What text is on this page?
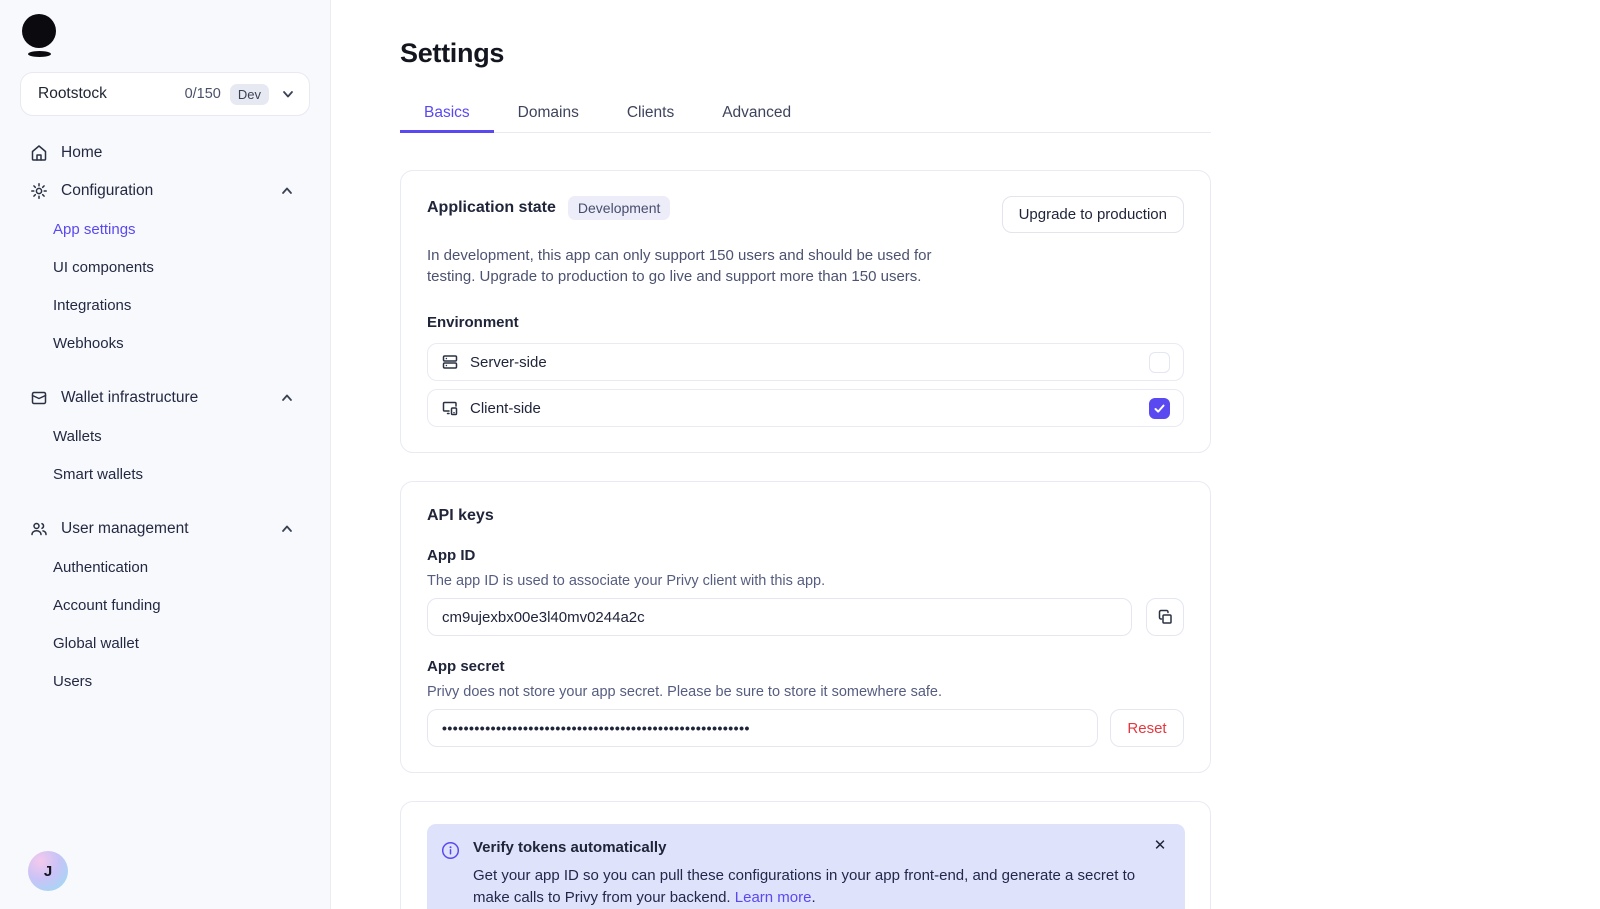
Rootstock	0/150	Dev
Home
Configuration
App settings
UI components
Integrations
Webhooks
Wallet infrastructure
Wallets
Smart wallets
User management
Authentication
Account funding
Global wallet
Users
J
Settings
Basics	Domains	Clients	Advanced
Application state	Development	Upgrade to production

In development, this app can only support 150 users and should be used for testing. Upgrade to production to go live and support more than 150 users.

Environment
Server-side
Client-side
API keys
App ID
The app ID is used to associate your Privy client with this app.
cm9ujexbx00e3l40mv0244a2c
App secret
Privy does not store your app secret. Please be sure to store it somewhere safe.
•••••••••••••••••••••••••••••••••••••••••••••••••••••••••
Reset
Verify tokens automatically
Get your app ID so you can pull these configurations in your app front-end, and generate a secret to make calls to Privy from your backend. Learn more.
✕
